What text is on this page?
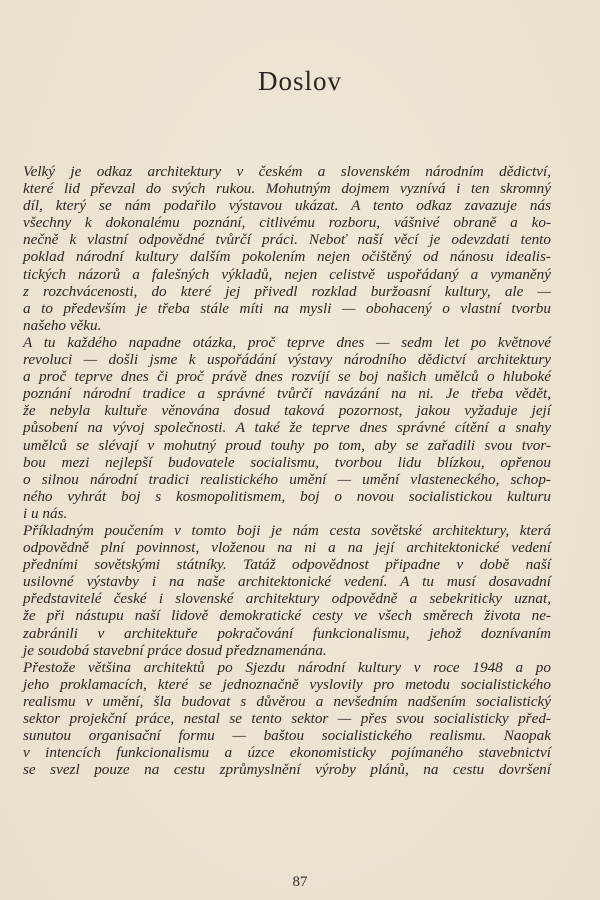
Doslov
Velký je odkaz architektury v českém a slovenském národním dědictví,
které lid převzal do svých rukou. Mohutným dojmem vyznívá i ten skromný
díl, který se nám podařilo výstavou ukázat. A tento odkaz zavazuje nás
všechny k dokonalému poznání, citlivému rozboru, vášnivé obraně a ko-
nečně k vlastní odpovědné tvůrčí práci. Neboť naší věcí je odevzdati tento
poklad národní kultury dalším pokolením nejen očištěný od nánosu idealis-
tických názorů a falešných výkladů, nejen celistvě uspořádaný a vymaněný
z rozchvácenosti, do které jej přivedl rozklad buržoasní kultury, ale —
a to především je třeba stále míti na mysli — obohacený o vlastní tvorbu
našeho věku.
A tu každého napadne otázka, proč teprve dnes — sedm let po květnové
revoluci — došli jsme k uspořádání výstavy národního dědictví architektury
a proč teprve dnes či proč právě dnes rozvíjí se boj našich umělců o hluboké
poznání národní tradice a správné tvůrčí navázání na ni. Je třeba vědět,
že nebyla kultuře věnována dosud taková pozornost, jakou vyžaduje její
působení na vývoj společnosti. A také že teprve dnes správné cítění a snahy
umělců se slévají v mohutný proud touhy po tom, aby se zařadili svou tvor-
bou mezi nejlepší budovatele socialismu, tvorbou lidu blízkou, opřenou
o silnou národní tradici realistického umění — umění vlasteneckého, schop-
ného vyhrát boj s kosmopolitismem, boj o novou socialistickou kulturu
i u nás.
Příkladným poučením v tomto boji je nám cesta sovětské architektury, která
odpovědně plní povinnost, vloženou na ni a na její architektonické vedení
předními sovětskými státníky. Tatáž odpovědnost připadne v době naší
usilovné výstavby i na naše architektonické vedení. A tu musí dosavadní
představitelé české i slovenské architektury odpovědně a sebekriticky uznat,
že při nástupu naší lidově demokratické cesty ve všech směrech života ne-
zabránili v architektuře pokračování funkcionalismu, jehož doznívaním
je soudobá stavební práce dosud předznamenána.
Přestože většina architektů po Sjezdu národní kultury v roce 1948 a po
jeho proklamacích, které se jednoznačně vyslovily pro metodu socialistického
realismu v umění, šla budovat s důvěrou a nevšedním nadšením socialistický
sektor projekční práce, nestal se tento sektor — přes svou socialisticky před-
sunutou organisační formu — baštou socialistického realismu. Naopak
v intencích funkcionalismu a úzce ekonomisticky pojímaného stavebnictví
se svezl pouze na cestu zprůmyslnění výroby plánů, na cestu dovršení
87
